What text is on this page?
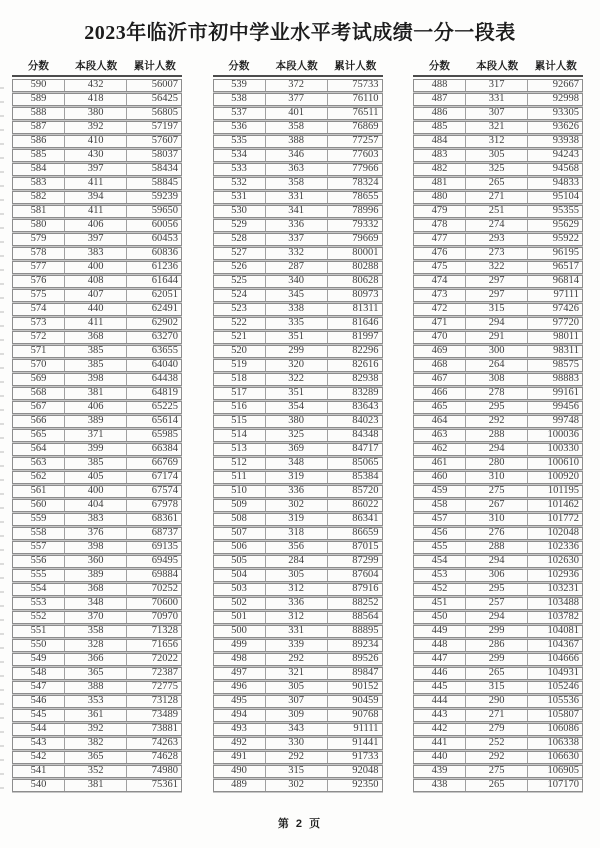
2023年临沂市初中学业水平考试成绩一分一段表
分数	本段人数	累计人数
590	432	56007
589	418	56425
588	380	56805
587	392	57197
586	410	57607
585	430	58037
584	397	58434
583	411	58845
582	394	59239
581	411	59650
580	406	60056
579	397	60453
578	383	60836
577	400	61236
576	408	61644
575	407	62051
574	440	62491
573	411	62902
572	368	63270
571	385	63655
570	385	64040
569	398	64438
568	381	64819
567	406	65225
566	389	65614
565	371	65985
564	399	66384
563	385	66769
562	405	67174
561	400	67574
560	404	67978
559	383	68361
558	376	68737
557	398	69135
556	360	69495
555	389	69884
554	368	70252
553	348	70600
552	370	70970
551	358	71328
550	328	71656
549	366	72022
548	365	72387
547	388	72775
546	353	73128
545	361	73489
544	392	73881
543	382	74263
542	365	74628
541	352	74980
540	381	75361
分数	本段人数	累计人数
539	372	75733
538	377	76110
537	401	76511
536	358	76869
535	388	77257
534	346	77603
533	363	77966
532	358	78324
531	331	78655
530	341	78996
529	336	79332
528	337	79669
527	332	80001
526	287	80288
525	340	80628
524	345	80973
523	338	81311
522	335	81646
521	351	81997
520	299	82296
519	320	82616
518	322	82938
517	351	83289
516	354	83643
515	380	84023
514	325	84348
513	369	84717
512	348	85065
511	319	85384
510	336	85720
509	302	86022
508	319	86341
507	318	86659
506	356	87015
505	284	87299
504	305	87604
503	312	87916
502	336	88252
501	312	88564
500	331	88895
499	339	89234
498	292	89526
497	321	89847
496	305	90152
495	307	90459
494	309	90768
493	343	91111
492	330	91441
491	292	91733
490	315	92048
489	302	92350
分数	本段人数	累计人数
488	317	92667
487	331	92998
486	307	93305
485	321	93626
484	312	93938
483	305	94243
482	325	94568
481	265	94833
480	271	95104
479	251	95355
478	274	95629
477	293	95922
476	273	96195
475	322	96517
474	297	96814
473	297	97111
472	315	97426
471	294	97720
470	291	98011
469	300	98311
468	264	98575
467	308	98883
466	278	99161
465	295	99456
464	292	99748
463	288	100036
462	294	100330
461	280	100610
460	310	100920
459	275	101195
458	267	101462
457	310	101772
456	276	102048
455	288	102336
454	294	102630
453	306	102936
452	295	103231
451	257	103488
450	294	103782
449	299	104081
448	286	104367
447	299	104666
446	265	104931
445	315	105246
444	290	105536
443	271	105807
442	279	106086
441	252	106338
440	292	106630
439	275	106905
438	265	107170
第 2 页
